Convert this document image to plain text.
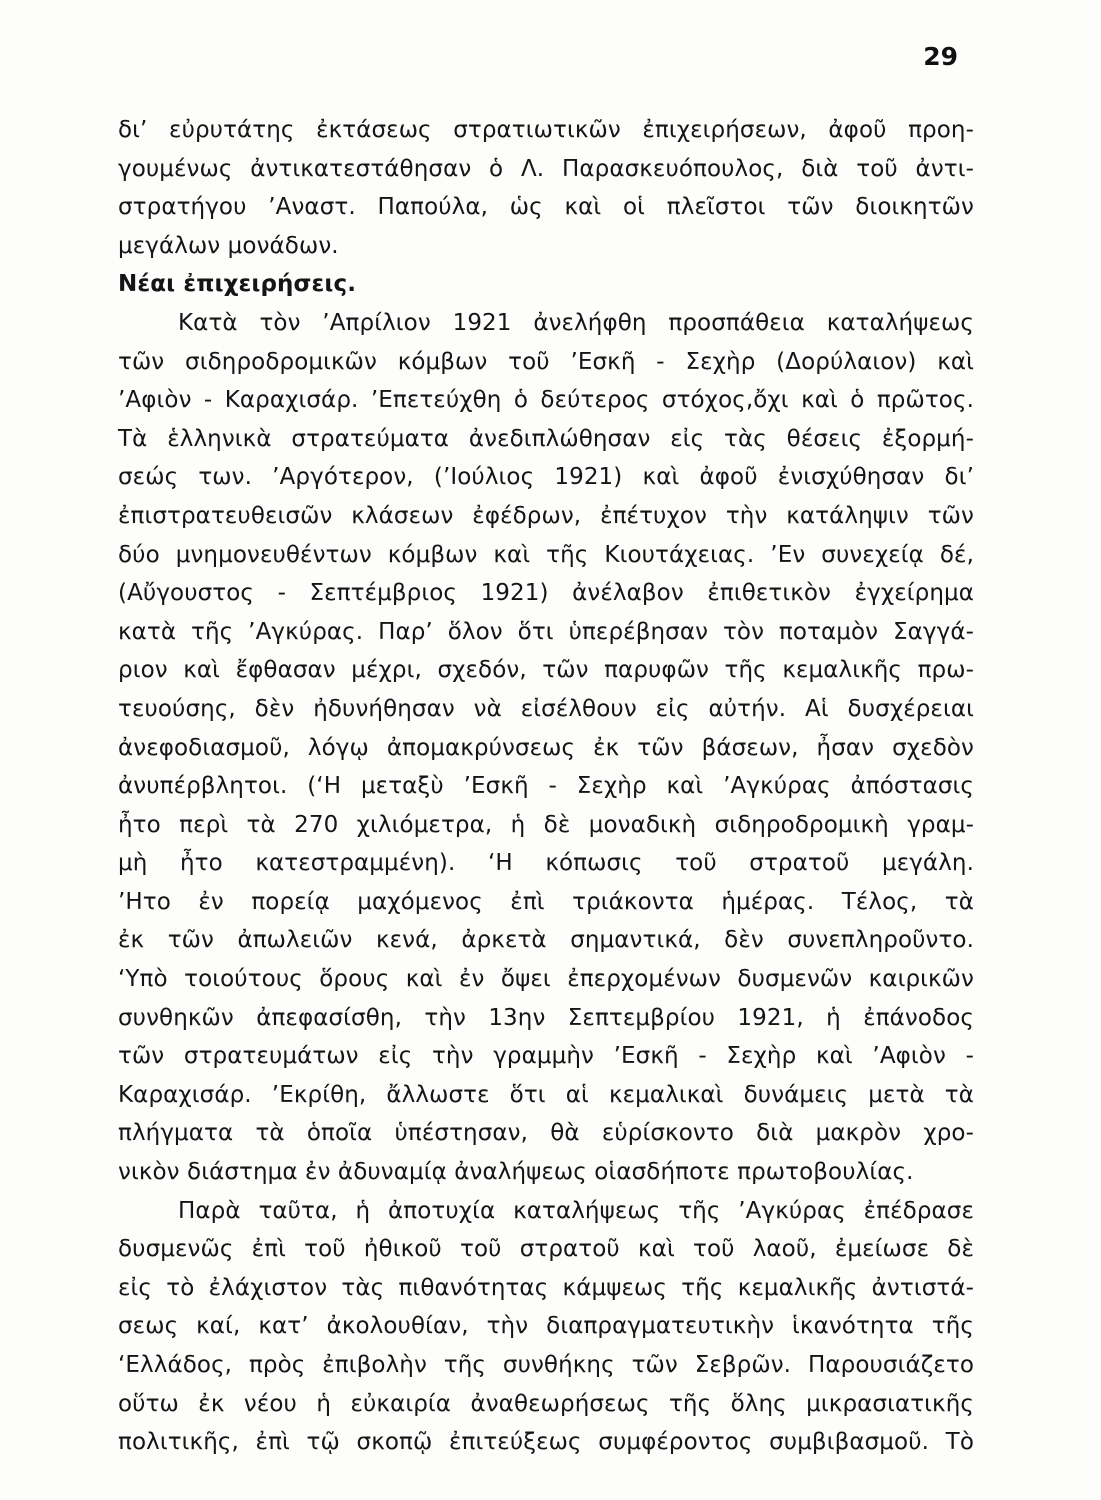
29
δι’ εὐρυτάτης ἐκτάσεως στρατιωτικῶν ἐπιχειρήσεων, ἀφοῦ προη-
γουμένως ἀντικατεστάθησαν ὁ Λ. Παρασκευόπουλος, διὰ τοῦ ἀντι-
στρατήγου ’Αναστ. Παπούλα, ὡς καὶ οἱ πλεῖστοι τῶν διοικητῶν
μεγάλων μονάδων.
Νέαι ἐπιχειρήσεις.
Κατὰ τὸν ’Απρίλιον 1921 ἀνελήφθη προσπάθεια καταλήψεως
τῶν σιδηροδρομικῶν κόμβων τοῦ ’Εσκῆ - Σεχὴρ (Δορύλαιον) καὶ
’Αφιὸν - Καραχισάρ. ’Επετεύχθη ὁ δεύτερος στόχος,ὄχι καὶ ὁ πρῶτος.
Τὰ ἑλληνικὰ στρατεύματα ἀνεδιπλώθησαν εἰς τὰς θέσεις ἐξορμή-
σεώς των. ’Αργότερον, (’Ιούλιος 1921) καὶ ἀφοῦ ἐνισχύθησαν δι’
ἐπιστρατευθεισῶν κλάσεων ἐφέδρων, ἐπέτυχον τὴν κατάληψιν τῶν
δύο μνημονευθέντων κόμβων καὶ τῆς Κιουτάχειας. ’Εν συνεχείᾳ δέ,
(Αὔγουστος - Σεπτέμβριος 1921) ἀνέλαβον ἐπιθετικὸν ἐγχείρημα
κατὰ τῆς ’Αγκύρας. Παρ’ ὅλον ὅτι ὑπερέβησαν τὸν ποταμὸν Σαγγά-
ριον καὶ ἔφθασαν μέχρι, σχεδόν, τῶν παρυφῶν τῆς κεμαλικῆς πρω-
τευούσης, δὲν ἠδυνήθησαν νὰ εἰσέλθουν εἰς αὐτήν. Αἱ δυσχέρειαι
ἀνεφοδιασμοῦ, λόγῳ ἀπομακρύνσεως ἐκ τῶν βάσεων, ἦσαν σχεδὸν
ἀνυπέρβλητοι. (‘Η μεταξὺ ’Εσκῆ - Σεχὴρ καὶ ’Αγκύρας ἀπόστασις
ἦτο περὶ τὰ 270 χιλιόμετρα, ἡ δὲ μοναδικὴ σιδηροδρομικὴ γραμ-
μὴ ἦτο κατεστραμμένη). ‘Η κόπωσις τοῦ στρατοῦ μεγάλη.
’Ητο ἐν πορείᾳ μαχόμενος ἐπὶ τριάκοντα ἡμέρας. Τέλος, τὰ
ἐκ τῶν ἀπωλειῶν κενά, ἀρκετὰ σημαντικά, δὲν συνεπληροῦντο.
‘Υπὸ τοιούτους ὅρους καὶ ἐν ὄψει ἐπερχομένων δυσμενῶν καιρικῶν
συνθηκῶν ἀπεφασίσθη, τὴν 13ην Σεπτεμβρίου 1921, ἡ ἐπάνοδος
τῶν στρατευμάτων εἰς τὴν γραμμὴν ’Εσκῆ - Σεχὴρ καὶ ’Αφιὸν -
Καραχισάρ. ’Εκρίθη, ἄλλωστε ὅτι αἱ κεμαλικαὶ δυνάμεις μετὰ τὰ
πλήγματα τὰ ὁποῖα ὑπέστησαν, θὰ εὑρίσκοντο διὰ μακρὸν χρο-
νικὸν διάστημα ἐν ἀδυναμίᾳ ἀναλήψεως οἱασδήποτε πρωτοβουλίας.
Παρὰ ταῦτα, ἡ ἀποτυχία καταλήψεως τῆς ’Αγκύρας ἐπέδρασε
δυσμενῶς ἐπὶ τοῦ ἠθικοῦ τοῦ στρατοῦ καὶ τοῦ λαοῦ, ἐμείωσε δὲ
εἰς τὸ ἐλάχιστον τὰς πιθανότητας κάμψεως τῆς κεμαλικῆς ἀντιστά-
σεως καί, κατ’ ἀκολουθίαν, τὴν διαπραγματευτικὴν ἱκανότητα τῆς
‘Ελλάδος, πρὸς ἐπιβολὴν τῆς συνθήκης τῶν Σεβρῶν. Παρουσιάζετο
οὕτω ἐκ νέου ἡ εὐκαιρία ἀναθεωρήσεως τῆς ὅλης μικρασιατικῆς
πολιτικῆς, ἐπὶ τῷ σκοπῷ ἐπιτεύξεως συμφέροντος συμβιβασμοῦ. Τὸ
